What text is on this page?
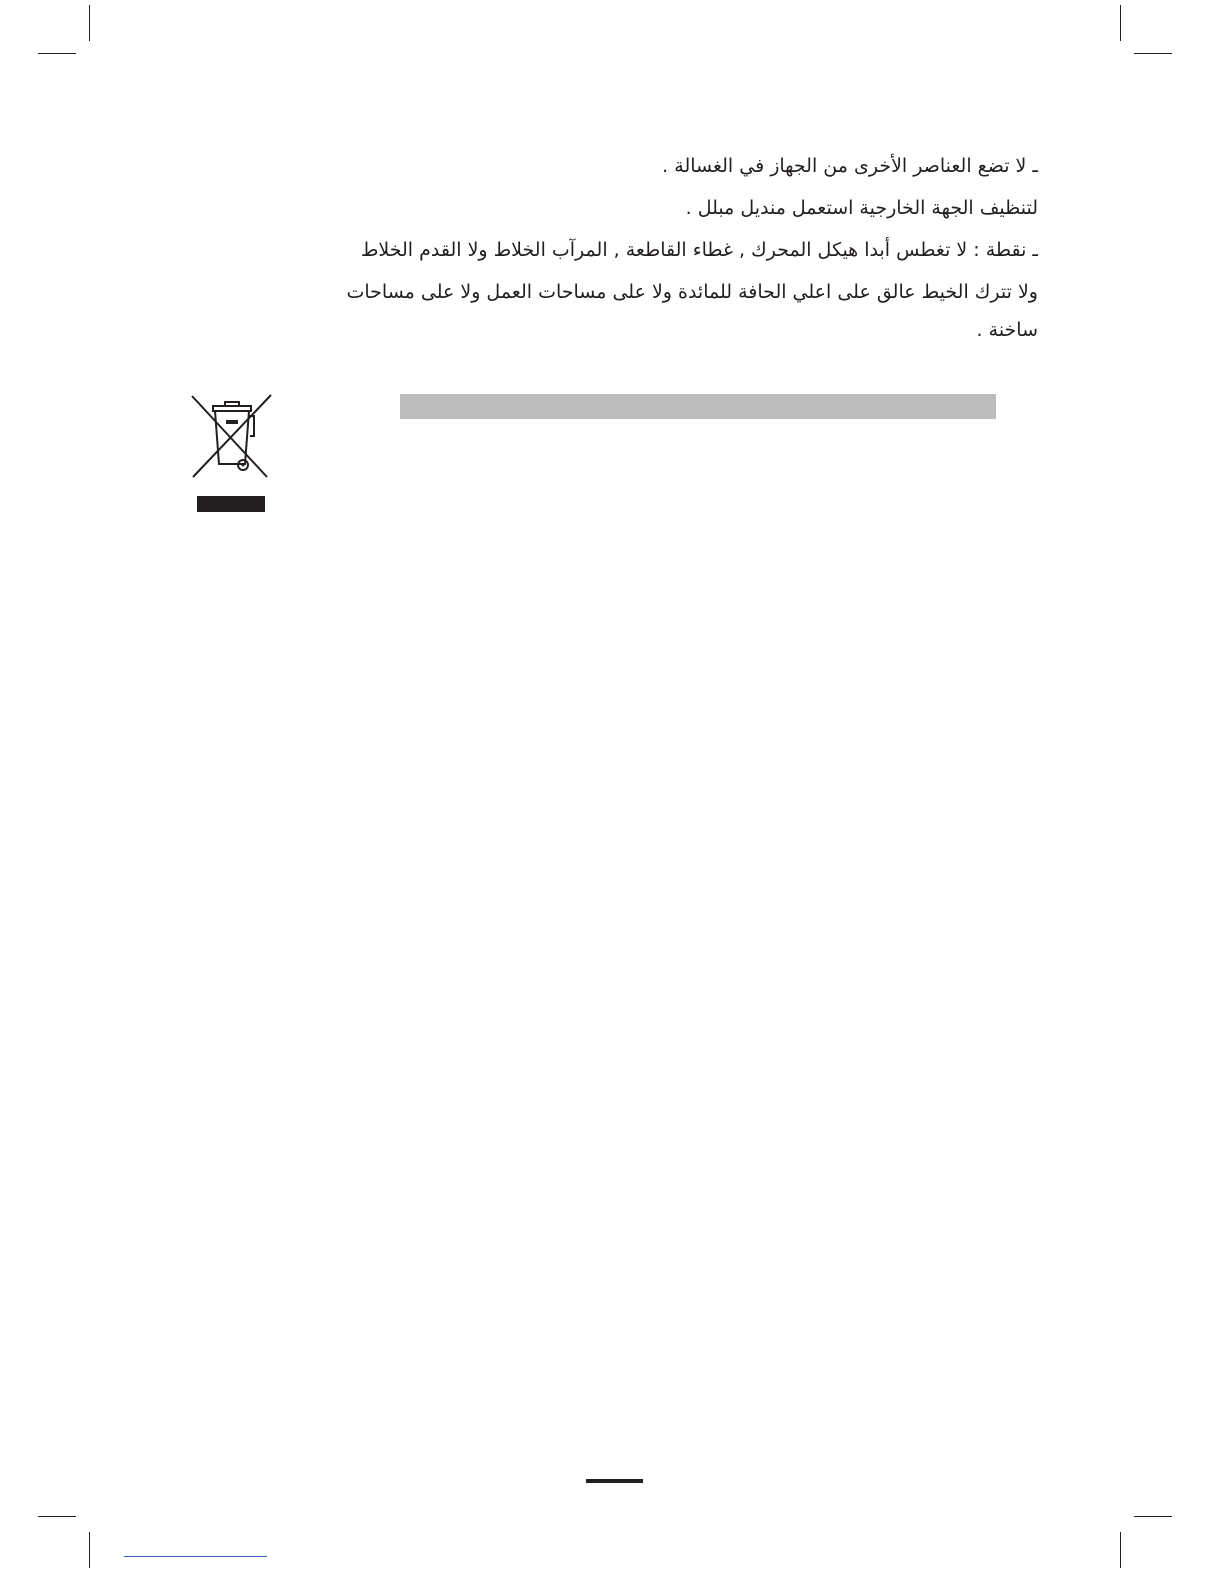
ـ لا تضع العناصر الأخرى من الجهاز في الغسالة .
لتنظيف الجهة الخارجية استعمل منديل مبلل .
ـ نقطة : لا تغطس أبدا هيكل المحرك , غطاء القاطعة , المرآب الخلاط ولا القدم الخلاط
ولا تترك الخيط عالق على اعلي الحافة للمائدة ولا على مساحات العمل ولا على مساحات
ساخنة .
